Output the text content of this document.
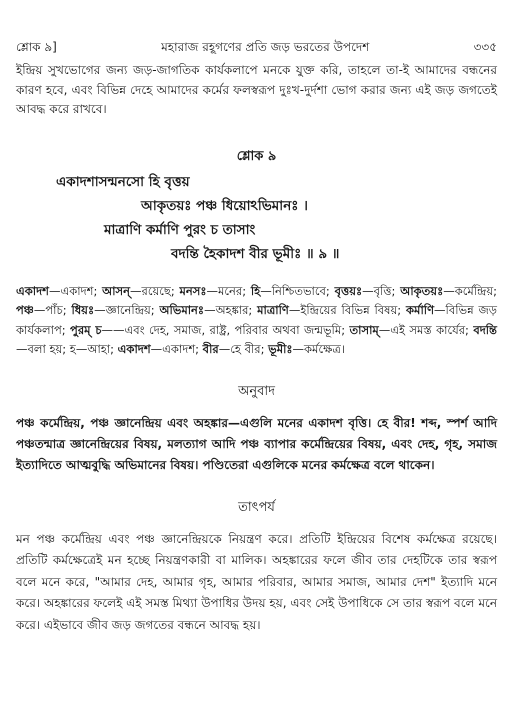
শ্লোক ৯]	মহারাজ রহূগণের প্রতি জড় ভরতের উপদেশ	৩৩৫

ইন্দ্রিয় সুখভোগের জন্য জড়-জাগতিক কার্যকলাপে মনকে যুক্ত করি, তাহলে তা-ই আমাদের বন্ধনের কারণ হবে, এবং বিভিন্ন দেহে আমাদের কর্মের ফলস্বরূপ দুঃখ-দুর্দশা ভোগ করার জন্য এই জড় জগতেই আবদ্ধ করে রাখবে।

শ্লোক ৯
একাদশাসন্মনসো হি বৃত্তয়
আকৃতয়ঃ পঞ্চ ধিয়োঽভিমানঃ ।
মাত্রাণি কর্মাণি পুরং চ তাসাং
বদন্তি হৈকাদশ বীর ভূমীঃ ॥ ৯ ॥
একাদশ—একাদশ; আসন্—রয়েছে; মনসঃ—মনের; হি—নিশ্চিতভাবে; বৃত্তয়ঃ—বৃত্তি; আকৃতয়ঃ—কর্মেন্দ্রিয়; পঞ্চ—পাঁচ; ধিয়ঃ—জ্ঞানেন্দ্রিয়; অভিমানঃ—অহঙ্কার; মাত্রাণি—ইন্দ্রিয়ের বিভিন্ন বিষয়; কর্মাণি—বিভিন্ন জড় কার্যকলাপ; পুরম্ চ——এবং দেহ, সমাজ, রাষ্ট্র, পরিবার অথবা জন্মভূমি; তাসাম্—এই সমস্ত কার্যের; বদন্তি—বলা হয়; হ—আহা; একাদশ—একাদশ; বীর—হে বীর; ভূমীঃ—কর্মক্ষেত্র।
অনুবাদ
পঞ্চ কর্মেন্দ্রিয়, পঞ্চ জ্ঞানেন্দ্রিয় এবং অহঙ্কার—এগুলি মনের একাদশ বৃত্তি। হে বীর! শব্দ, স্পর্শ আদি পঞ্চতন্মাত্র জ্ঞানেন্দ্রিয়ের বিষয়, মলত্যাগ আদি পঞ্চ ব্যাপার কর্মেন্দ্রিয়ের বিষয়, এবং দেহ, গৃহ, সমাজ ইত্যাদিতে আত্মবুদ্ধি অভিমানের বিষয়। পণ্ডিতেরা এগুলিকে মনের কর্মক্ষেত্র বলে থাকেন।
তাৎপর্য
মন পঞ্চ কর্মেন্দ্রিয় এবং পঞ্চ জ্ঞানেন্দ্রিয়কে নিয়ন্ত্রণ করে। প্রতিটি ইন্দ্রিয়ের বিশেষ কর্মক্ষেত্র রয়েছে। প্রতিটি কর্মক্ষেত্রেই মন হচ্ছে নিয়ন্ত্রণকারী বা মালিক। অহঙ্কারের ফলে জীব তার দেহটিকে তার স্বরূপ বলে মনে করে, "আমার দেহ, আমার গৃহ, আমার পরিবার, আমার সমাজ, আমার দেশ" ইত্যাদি মনে করে। অহঙ্কারের ফলেই এই সমস্ত মিথ্যা উপাধির উদয় হয়, এবং সেই উপাধিকে সে তার স্বরূপ বলে মনে করে। এইভাবে জীব জড় জগতের বন্ধনে আবদ্ধ হয়।
